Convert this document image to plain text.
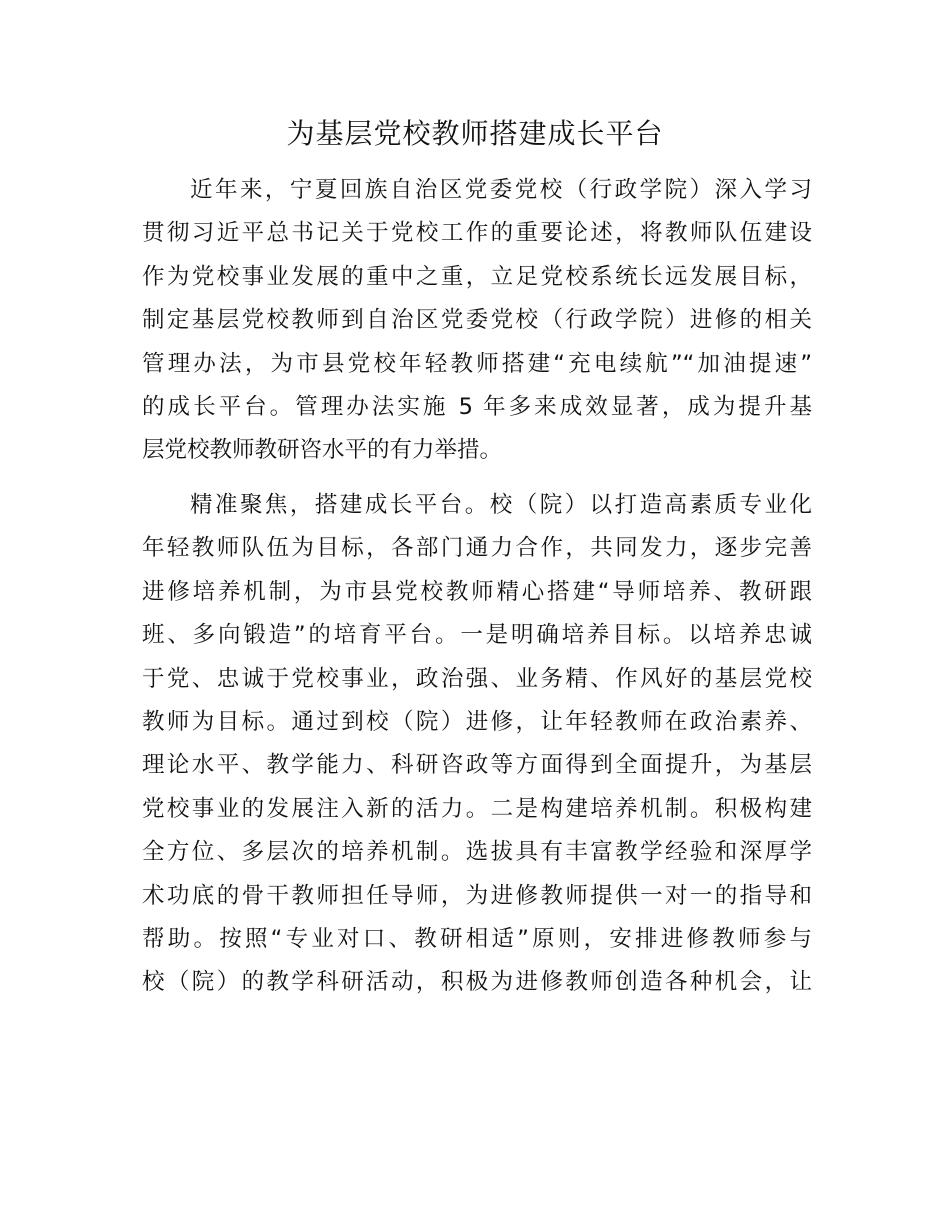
为基层党校教师搭建成长平台
近年来，宁夏回族自治区党委党校（行政学院）深入学习
贯彻习近平总书记关于党校工作的重要论述，将教师队伍建设
作为党校事业发展的重中之重，立足党校系统长远发展目标，
制定基层党校教师到自治区党委党校（行政学院）进修的相关
管理办法，为市县党校年轻教师搭建“充电续航”“加油提速”
的成长平台。管理办法实施 5 年多来成效显著，成为提升基
层党校教师教研咨水平的有力举措。
精准聚焦，搭建成长平台。校（院）以打造高素质专业化
年轻教师队伍为目标，各部门通力合作，共同发力，逐步完善
进修培养机制，为市县党校教师精心搭建“导师培养、教研跟
班、多向锻造”的培育平台。一是明确培养目标。以培养忠诚
于党、忠诚于党校事业，政治强、业务精、作风好的基层党校
教师为目标。通过到校（院）进修，让年轻教师在政治素养、
理论水平、教学能力、科研咨政等方面得到全面提升，为基层
党校事业的发展注入新的活力。二是构建培养机制。积极构建
全方位、多层次的培养机制。选拔具有丰富教学经验和深厚学
术功底的骨干教师担任导师，为进修教师提供一对一的指导和
帮助。按照“专业对口、教研相适”原则，安排进修教师参与
校（院）的教学科研活动，积极为进修教师创造各种机会，让
